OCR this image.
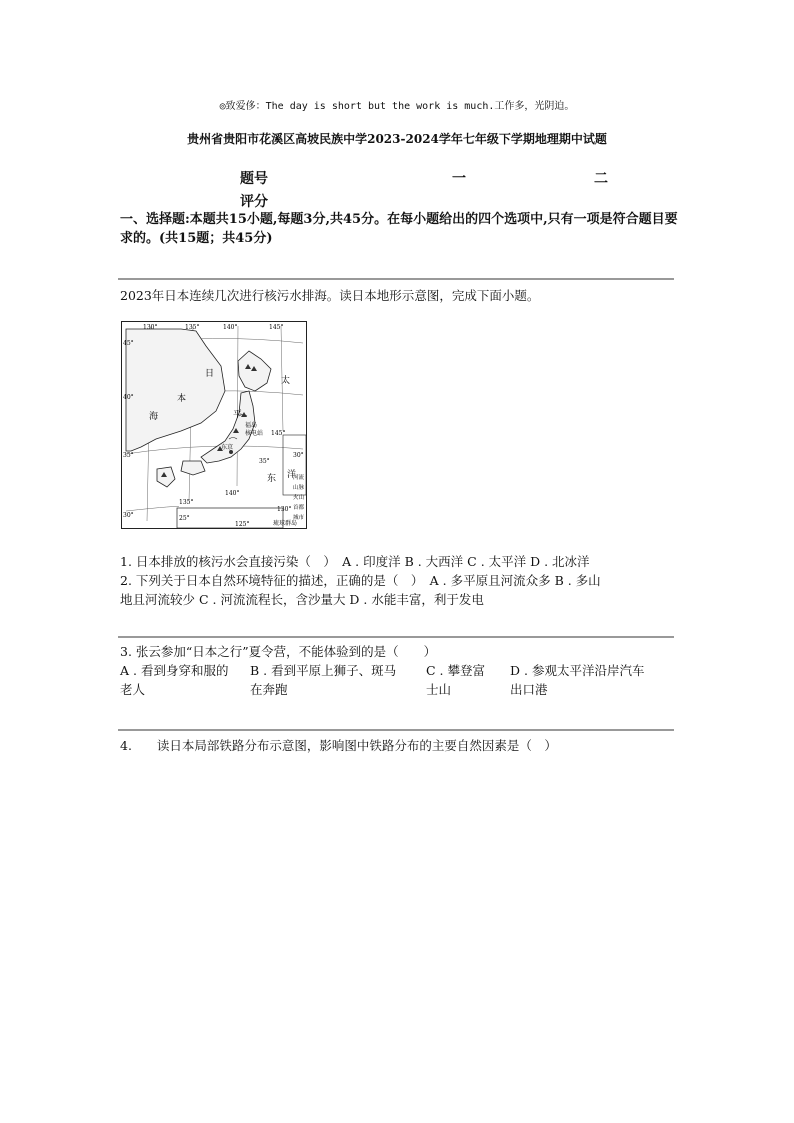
◎致爱侈：The day is short but the work is much.工作多，光阴迫。
贵州省贵阳市花溪区高坡民族中学2023-2024学年七年级下学期地理期中试题
题号	一	二
评分
一、选择题:本题共15小题,每题3分,共45分。在每小题给出的四个选项中,只有一项是符合题目要求的。(共15题；共45分)
2023年日本连续几次进行核污水排海。读日本地形示意图，完成下面小题。
河流
山脉
火山
首都
城市
130°	135°	140°	145°
45°
40°
35°
30°
135°
140°
125°
130°
145°
35°
30°
25°
日
本
海
太
平
洋
东
福岛
核电站
东京
琉球群岛
1. 日本排放的核污水会直接污染（　）　A . 印度洋 B . 大西洋 C . 太平洋 D . 北冰洋
2. 下列关于日本自然环境特征的描述，正确的是（　）　A . 多平原且河流众多 B . 多山
地且河流较少 C . 河流流程长，含沙量大 D . 水能丰富，利于发电
3. 张云参加“日本之行”夏令营，不能体验到的是（　　）
A . 看到身穿和服的
老人
B . 看到平原上狮子、斑马
在奔跑
C . 攀登富
士山
D . 参观太平洋沿岸汽车
出口港
4.　　读日本局部铁路分布示意图，影响图中铁路分布的主要自然因素是（　）
